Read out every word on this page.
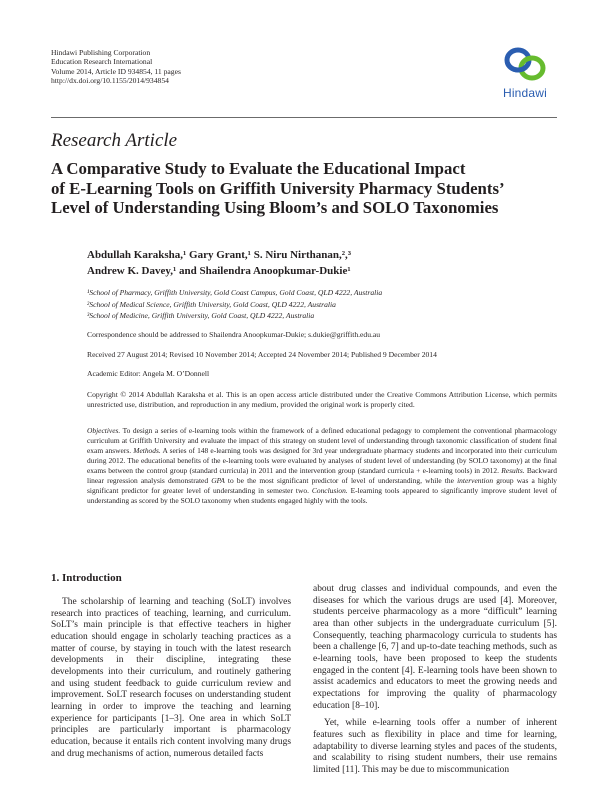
Hindawi Publishing Corporation
Education Research International
Volume 2014, Article ID 934854, 11 pages
http://dx.doi.org/10.1155/2014/934854
Hindawi
Research Article
A Comparative Study to Evaluate the Educational Impact
of E-Learning Tools on Griffith University Pharmacy Students’
Level of Understanding Using Bloom’s and SOLO Taxonomies
Abdullah Karaksha,¹ Gary Grant,¹ S. Niru Nirthanan,²,³
Andrew K. Davey,¹ and Shailendra Anoopkumar-Dukie¹
¹School of Pharmacy, Griffith University, Gold Coast Campus, Gold Coast, QLD 4222, Australia
²School of Medical Science, Griffith University, Gold Coast, QLD 4222, Australia
³School of Medicine, Griffith University, Gold Coast, QLD 4222, Australia
Correspondence should be addressed to Shailendra Anoopkumar-Dukie; s.dukie@griffith.edu.au
Received 27 August 2014; Revised 10 November 2014; Accepted 24 November 2014; Published 9 December 2014
Academic Editor: Angela M. O’Donnell
Copyright © 2014 Abdullah Karaksha et al. This is an open access article distributed under the Creative Commons Attribution License, which permits unrestricted use, distribution, and reproduction in any medium, provided the original work is properly cited.
Objectives. To design a series of e-learning tools within the framework of a defined educational pedagogy to complement the conventional pharmacology curriculum at Griffith University and evaluate the impact of this strategy on student level of understanding through taxonomic classification of student final exam answers. Methods. A series of 148 e-learning tools was designed for 3rd year undergraduate pharmacy students and incorporated into their curriculum during 2012. The educational benefits of the e-learning tools were evaluated by analyses of student level of understanding (by SOLO taxonomy) at the final exams between the control group (standard curricula) in 2011 and the intervention group (standard curricula + e-learning tools) in 2012. Results. Backward linear regression analysis demonstrated GPA to be the most significant predictor of level of understanding, while the intervention group was a highly significant predictor for greater level of understanding in semester two. Conclusion. E-learning tools appeared to significantly improve student level of understanding as scored by the SOLO taxonomy when students engaged highly with the tools.
1. Introduction

The scholarship of learning and teaching (SoLT) involves research into practices of teaching, learning, and curriculum. SoLT’s main principle is that effective teachers in higher education should engage in scholarly teaching practices as a matter of course, by staying in touch with the latest research developments in their discipline, integrating these developments into their curriculum, and routinely gathering and using student feedback to guide curriculum review and improvement. SoLT research focuses on understanding student learning in order to improve the teaching and learning experience for participants [1–3]. One area in which SoLT principles are particularly important is pharmacology education, because it entails rich content involving many drugs and drug mechanisms of action, numerous detailed facts

about drug classes and individual compounds, and even the diseases for which the various drugs are used [4]. Moreover, students perceive pharmacology as a more “difficult” learning area than other subjects in the undergraduate curriculum [5]. Consequently, teaching pharmacology curricula to students has been a challenge [6, 7] and up-to-date teaching methods, such as e-learning tools, have been proposed to keep the students engaged in the content [4]. E-learning tools have been shown to assist academics and educators to meet the growing needs and expectations for improving the quality of pharmacology education [8–10].

Yet, while e-learning tools offer a number of inherent features such as flexibility in place and time for learning, adaptability to diverse learning styles and paces of the students, and scalability to rising student numbers, their use remains limited [11]. This may be due to miscommunication
